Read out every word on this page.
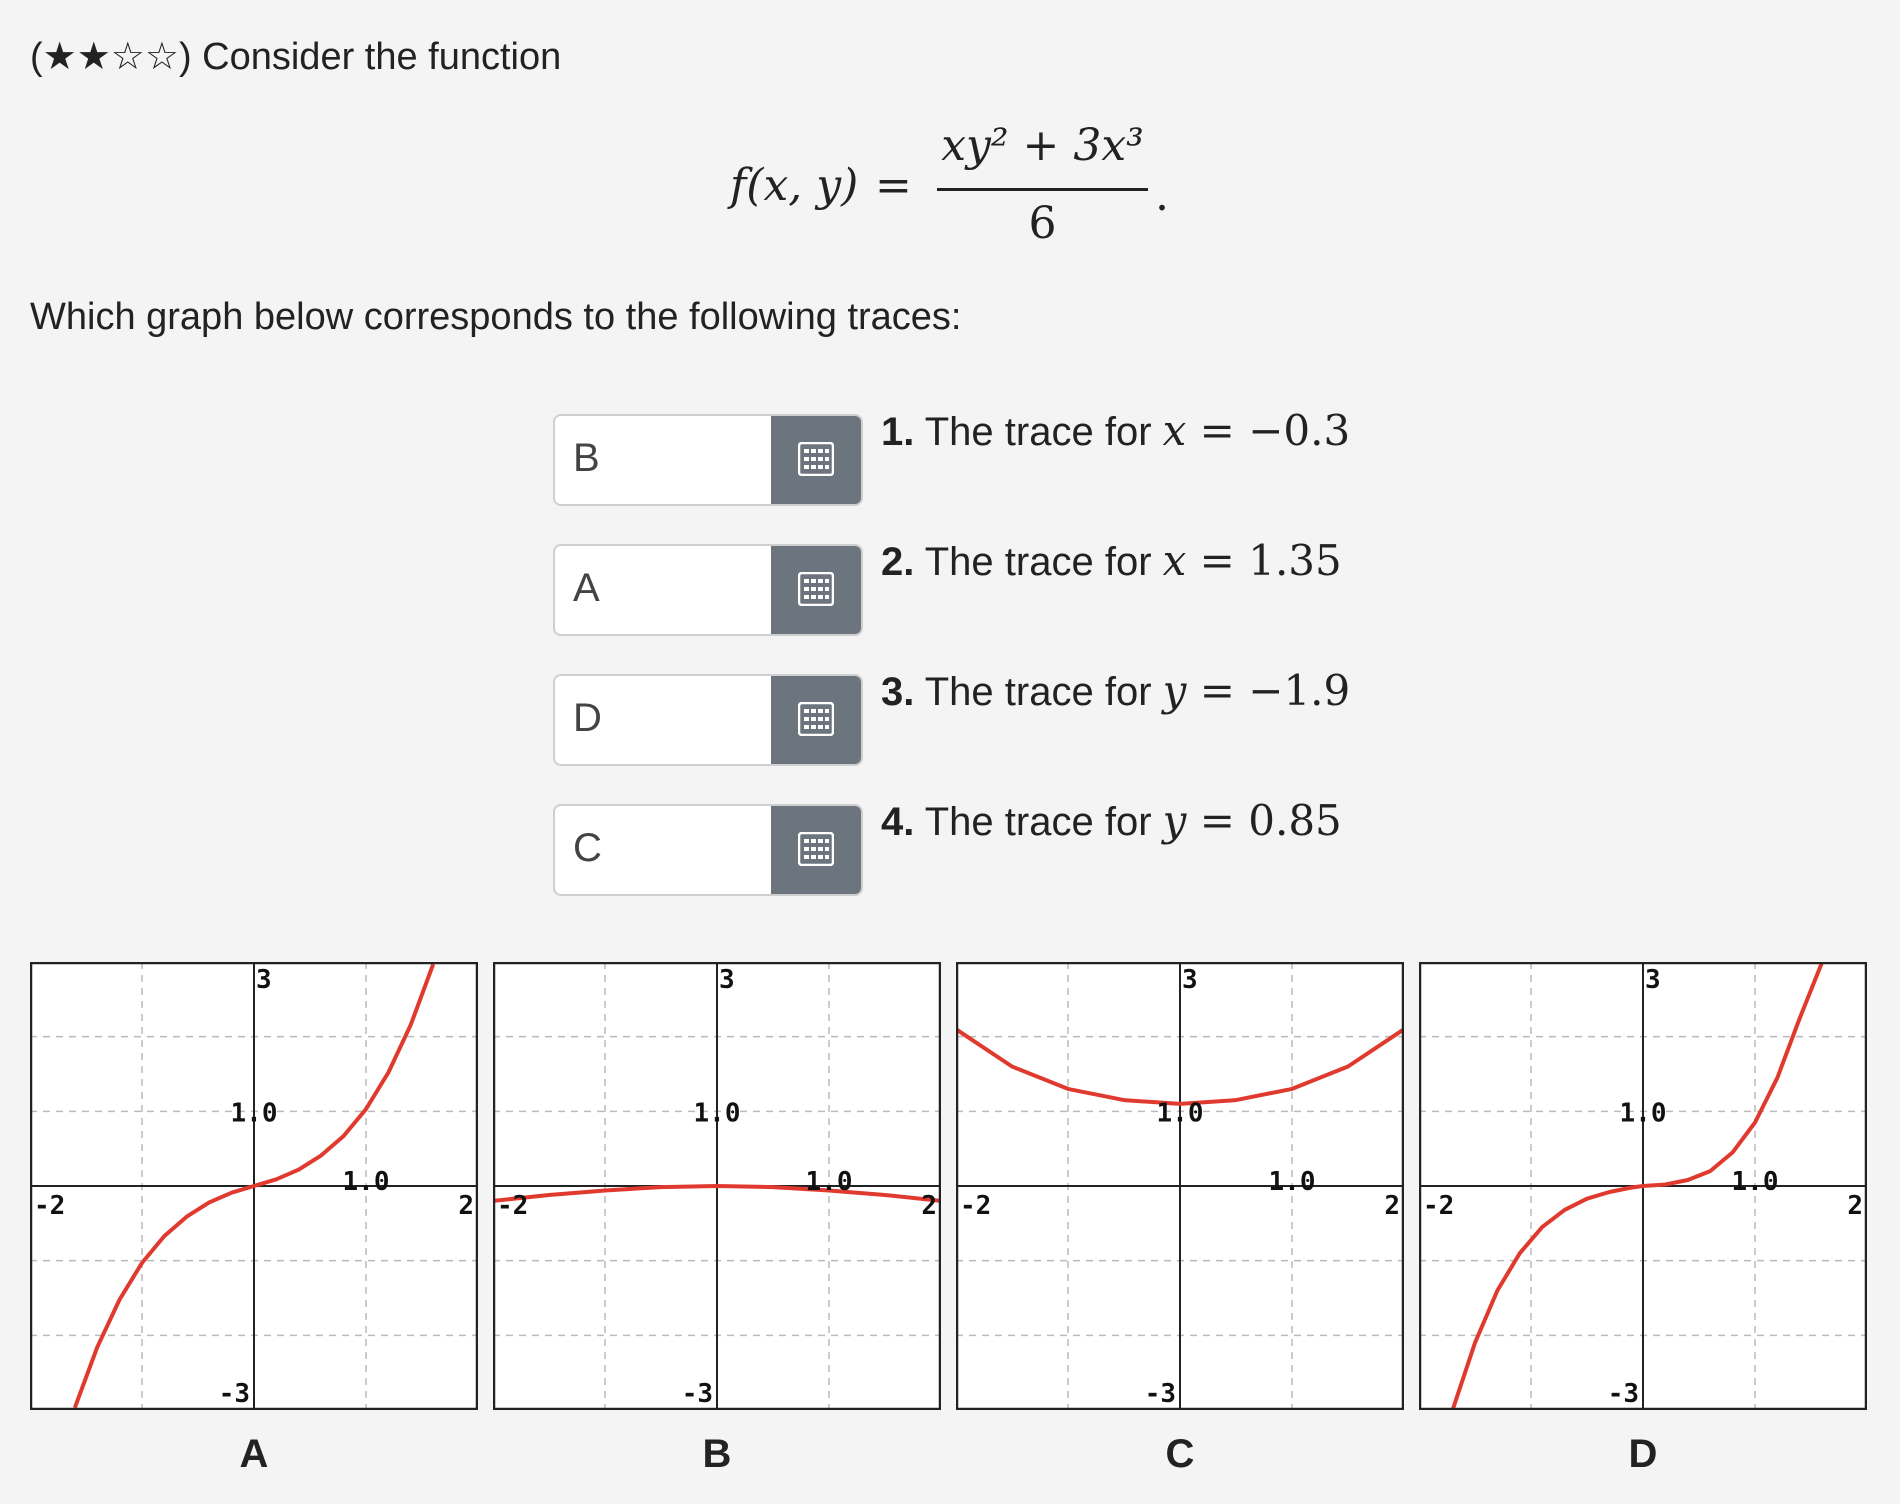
(★★☆☆) Consider the function
f(x, y) =
xy² + 3x³
6
.
Which graph below corresponds to the following traces:
B
1. The trace for x = −0.3
A
2. The trace for x = 1.35
D
3. The trace for y = −1.9
C
4. The trace for y = 0.85
-2	2
3
-3
1.0
1.0
-2	2
3
-3
1.0
1.0
-2	2
3
-3
1.0
1.0
-2	2
3
-3
1.0
1.0
A	B	C	D
